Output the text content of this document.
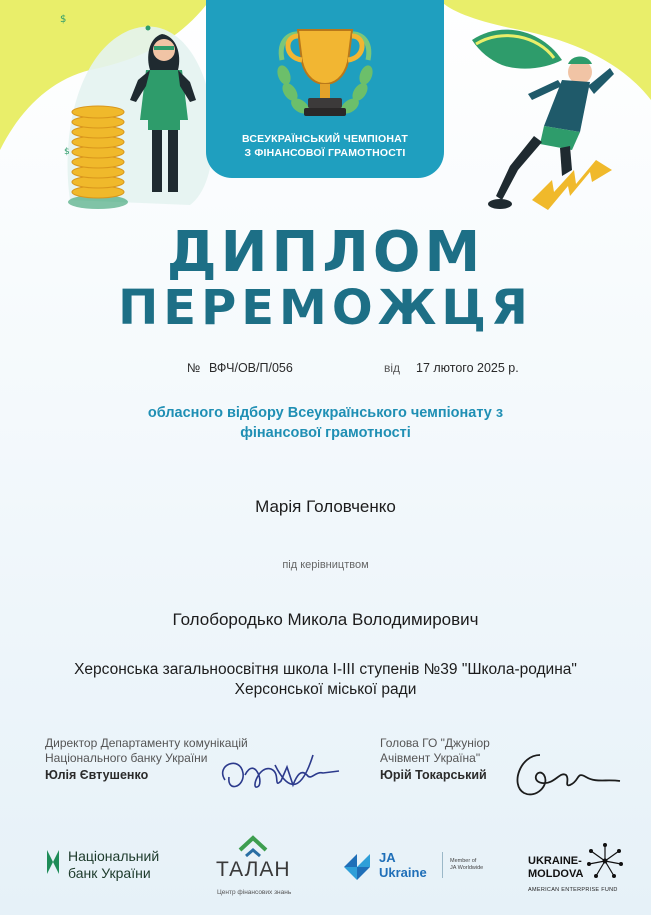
$
$
ВСЕУКРАЇНСЬКИЙ ЧЕМПІОНАТ
З ФІНАНСОВОЇ ГРАМОТНОСТІ
ДИПЛОМ
ПЕРЕМОЖЦЯ
№ ВФЧ/ОВ/П/056	від 17 лютого 2025 р.
обласного відбору Всеукраїнського чемпіонату з
фінансової грамотності
Марія Головченко
під керівництвом
Голобородько Микола Володимирович
Херсонська загальноосвітня школа І-ІІІ ступенів №39 "Школа-родина"
Херсонської міської ради
Директор Департаменту комунікацій
Національного банку України
Юлія Євтушенко
Голова ГО "Джуніор
Ачівмент Україна"
Юрій Токарський
Національний
банк України	ТАЛАН
Центр фінансових знань
JA
Ukraine
Member of
JA Worldwide
UKRAINE-
MOLDOVA
AMERICAN ENTERPRISE FUND
